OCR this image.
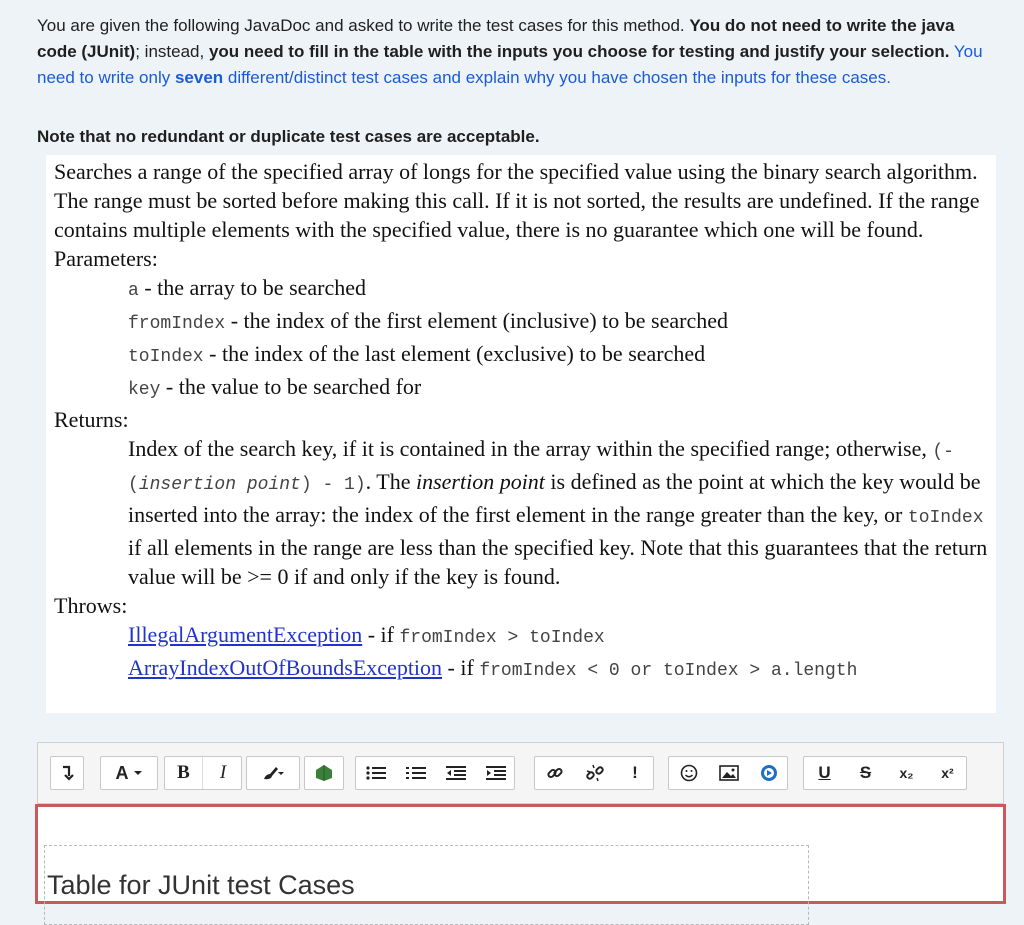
You are given the following JavaDoc and asked to write the test cases for this method. You do not need to write the java code (JUnit); instead, you need to fill in the table with the inputs you choose for testing and justify your selection. You need to write only seven different/distinct test cases and explain why you have chosen the inputs for these cases.
Note that no redundant or duplicate test cases are acceptable.

Searches a range of the specified array of longs for the specified value using the binary search algorithm. The range must be sorted before making this call. If it is not sorted, the results are undefined. If the range contains multiple elements with the specified value, there is no guarantee which one will be found.

Parameters:

a - the array to be searched

fromIndex - the index of the first element (inclusive) to be searched

toIndex - the index of the last element (exclusive) to be searched

key - the value to be searched for

Returns:

Index of the search key, if it is contained in the array within the specified range; otherwise, (-(insertion point) - 1). The insertion point is defined as the point at which the key would be inserted into the array: the index of the first element in the range greater than the key, or toIndex if all elements in the range are less than the specified key. Note that this guarantees that the return value will be >= 0 if and only if the key is found.

Throws:

IllegalArgumentException - if fromIndex > toIndex

ArrayIndexOutOfBoundsException - if fromIndex < 0 or toIndex > a.length

A	B	I	!	U	S	x₂	x²
Table for JUnit test Cases
